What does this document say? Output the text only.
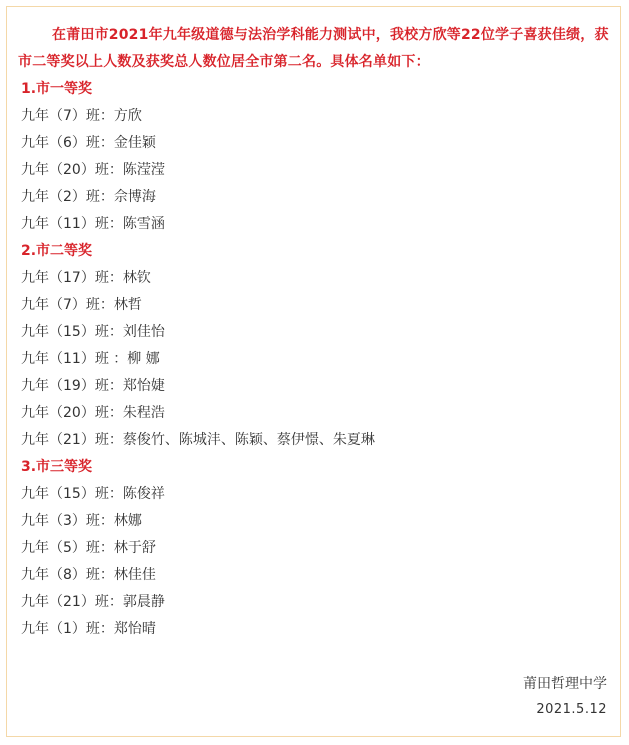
在莆田市2021年九年级道德与法治学科能力测试中，我校方欣等22位学子喜获佳绩，获市二等奖以上人数及获奖总人数位居全市第二名。具体名单如下：
1.市一等奖
九年（7）班：方欣
九年（6）班：金佳颖
九年（20）班：陈滢滢
九年（2）班：佘博海
九年（11）班：陈雪涵
2.市二等奖
九年（17）班：林钦
九年（7）班：林哲
九年（15）班：刘佳怡
九年（11）班 ：柳 娜
九年（19）班：郑怡婕
九年（20）班：朱程浩
九年（21）班：蔡俊竹、陈城沣、陈颖、蔡伊憬、朱夏琳
3.市三等奖
九年（15）班：陈俊祥
九年（3）班：林娜
九年（5）班：林于舒
九年（8）班：林佳佳
九年（21）班：郭晨静
九年（1）班：郑怡晴
莆田哲理中学
2021.5.12
